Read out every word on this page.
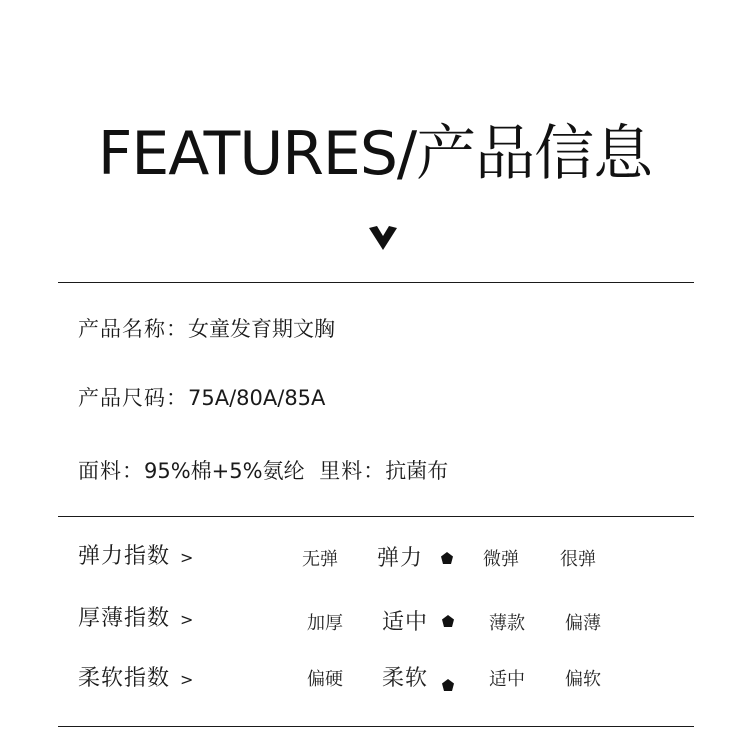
FEATURES/产品信息
产品名称：女童发育期文胸
产品尺码：75A/80A/85A
面料：95%棉+5%氨纶 里料：抗菌布
弹力指数 >	无弹 弹力	微弹 很弹
厚薄指数 >	加厚 适中	薄款 偏薄
柔软指数 >	偏硬 柔软	适中 偏软
